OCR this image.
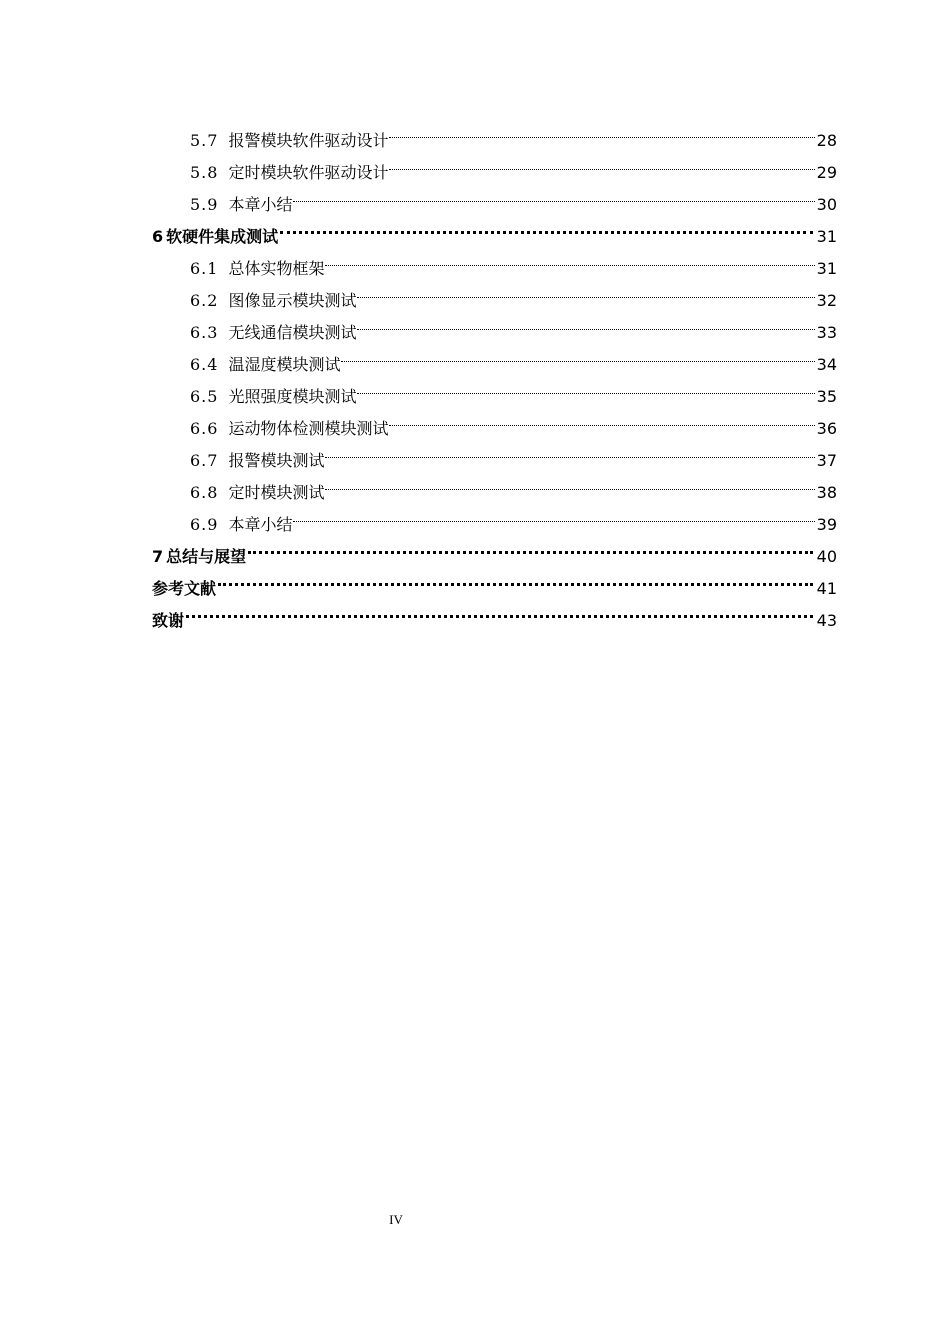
5.7 报警模块软件驱动设计	28
5.8 定时模块软件驱动设计	29
5.9 本章小结	30
6 软硬件集成测试	31
6.1 总体实物框架	31
6.2 图像显示模块测试	32
6.3 无线通信模块测试	33
6.4 温湿度模块测试	34
6.5 光照强度模块测试	35
6.6 运动物体检测模块测试	36
6.7 报警模块测试	37
6.8 定时模块测试	38
6.9 本章小结	39
7 总结与展望	40
参考文献	41
致谢	43
IV
